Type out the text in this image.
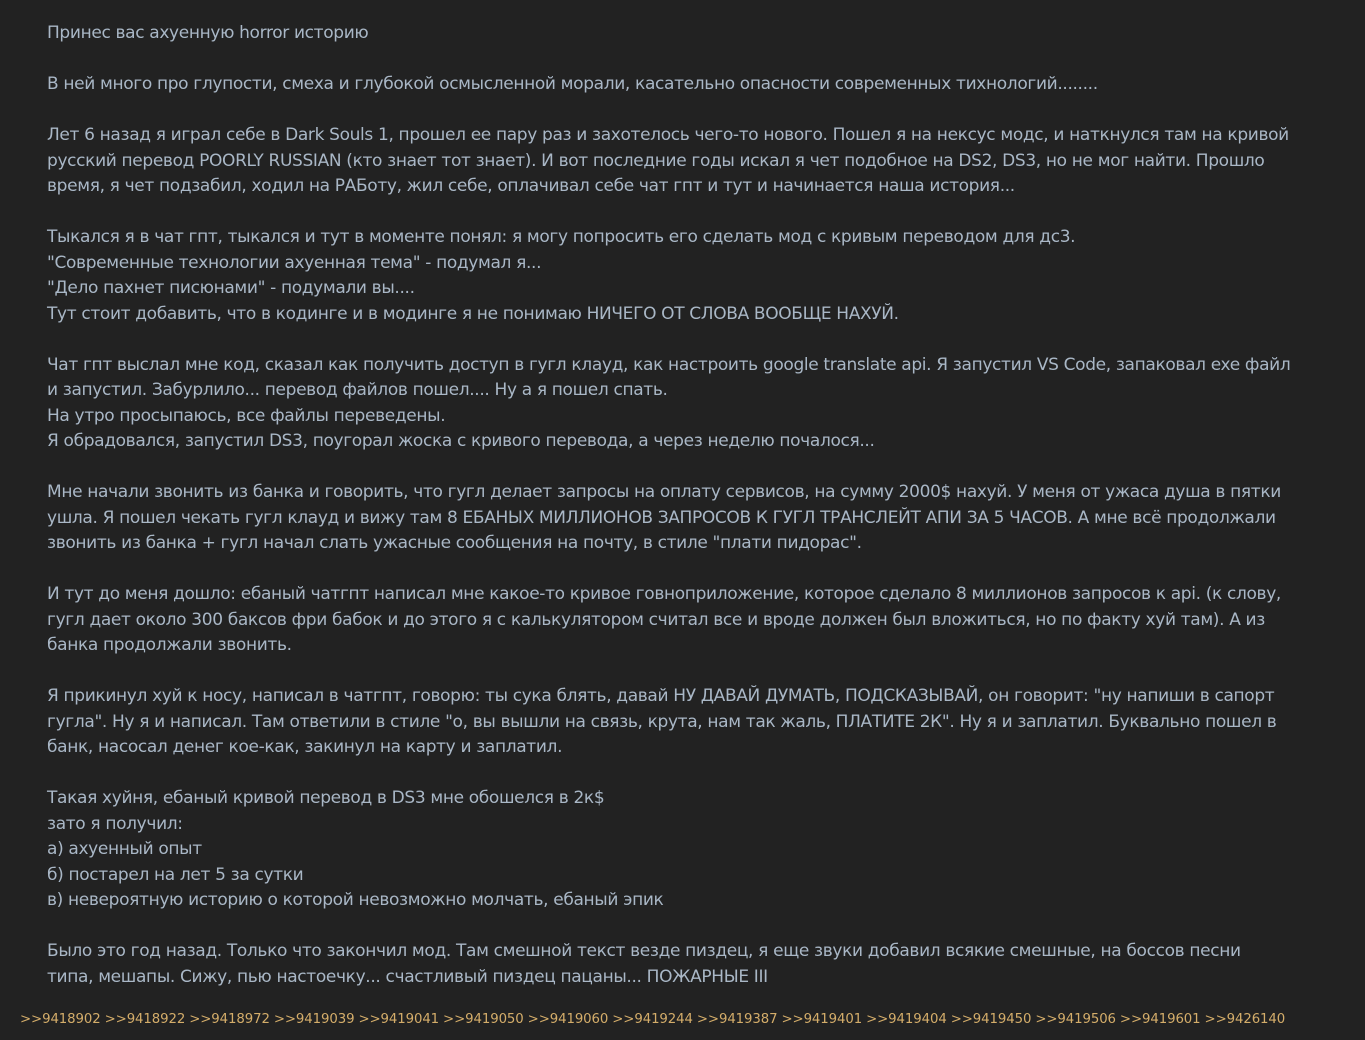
Принес вас ахуенную horror историю
В ней много про глупости, смеха и глубокой осмысленной морали, касательно опасности современных тихнологий........
Лет 6 назад я играл себе в Dark Souls 1, прошел ее пару раз и захотелось чего-то нового. Пошел я на нексус модс, и наткнулся там на кривой
русский перевод POORLY RUSSIAN (кто знает тот знает). И вот последние годы искал я чет подобное на DS2, DS3, но не мог найти. Прошло
время, я чет подзабил, ходил на РАБоту, жил себе, оплачивал себе чат гпт и тут и начинается наша история...
Тыкался я в чат гпт, тыкался и тут в моменте понял: я могу попросить его сделать мод с кривым переводом для дс3.
"Современные технологии ахуенная тема" - подумал я...
"Дело пахнет писюнами" - подумали вы....
Тут стоит добавить, что в кодинге и в модинге я не понимаю НИЧЕГО ОТ СЛОВА ВООБЩЕ НАХУЙ.
Чат гпт выслал мне код, сказал как получить доступ в гугл клауд, как настроить google translate api. Я запустил VS Code, запаковал exe файл
и запустил. Забурлило... перевод файлов пошел.... Ну а я пошел спать.
На утро просыпаюсь, все файлы переведены.
Я обрадовался, запустил DS3, поугорал жоска с кривого перевода, а через неделю почалося...
Мне начали звонить из банка и говорить, что гугл делает запросы на оплату сервисов, на сумму 2000$ нахуй. У меня от ужаса душа в пятки
ушла. Я пошел чекать гугл клауд и вижу там 8 ЕБАНЫХ МИЛЛИОНОВ ЗАПРОСОВ К ГУГЛ ТРАНСЛЕЙТ АПИ ЗА 5 ЧАСОВ. А мне всё продолжали
звонить из банка + гугл начал слать ужасные сообщения на почту, в стиле "плати пидорас".
И тут до меня дошло: ебаный чатгпт написал мне какое-то кривое говноприложение, которое сделало 8 миллионов запросов к api. (к слову,
гугл дает около 300 баксов фри бабок и до этого я с калькулятором считал все и вроде должен был вложиться, но по факту хуй там). А из
банка продолжали звонить.
Я прикинул хуй к носу, написал в чатгпт, говорю: ты сука блять, давай НУ ДАВАЙ ДУМАТЬ, ПОДСКАЗЫВАЙ, он говорит: "ну напиши в сапорт
гугла". Ну я и написал. Там ответили в стиле "о, вы вышли на связь, крута, нам так жаль, ПЛАТИТЕ 2К". Ну я и заплатил. Буквально пошел в
банк, насосал денег кое-как, закинул на карту и заплатил.
Такая хуйня, ебаный кривой перевод в DS3 мне обошелся в 2к$
зато я получил:
а) ахуенный опыт
б) постарел на лет 5 за сутки
в) невероятную историю о которой невозможно молчать, ебаный эпик
Было это год назад. Только что закончил мод. Там смешной текст везде пиздец, я еще звуки добавил всякие смешные, на боссов песни
типа, мешапы. Сижу, пью настоечку... счастливый пиздец пацаны... ПОЖАРНЫЕ III
>>9418902 >>9418922 >>9418972 >>9419039 >>9419041 >>9419050 >>9419060 >>9419244 >>9419387 >>9419401 >>9419404 >>9419450 >>9419506 >>9419601 >>9426140
